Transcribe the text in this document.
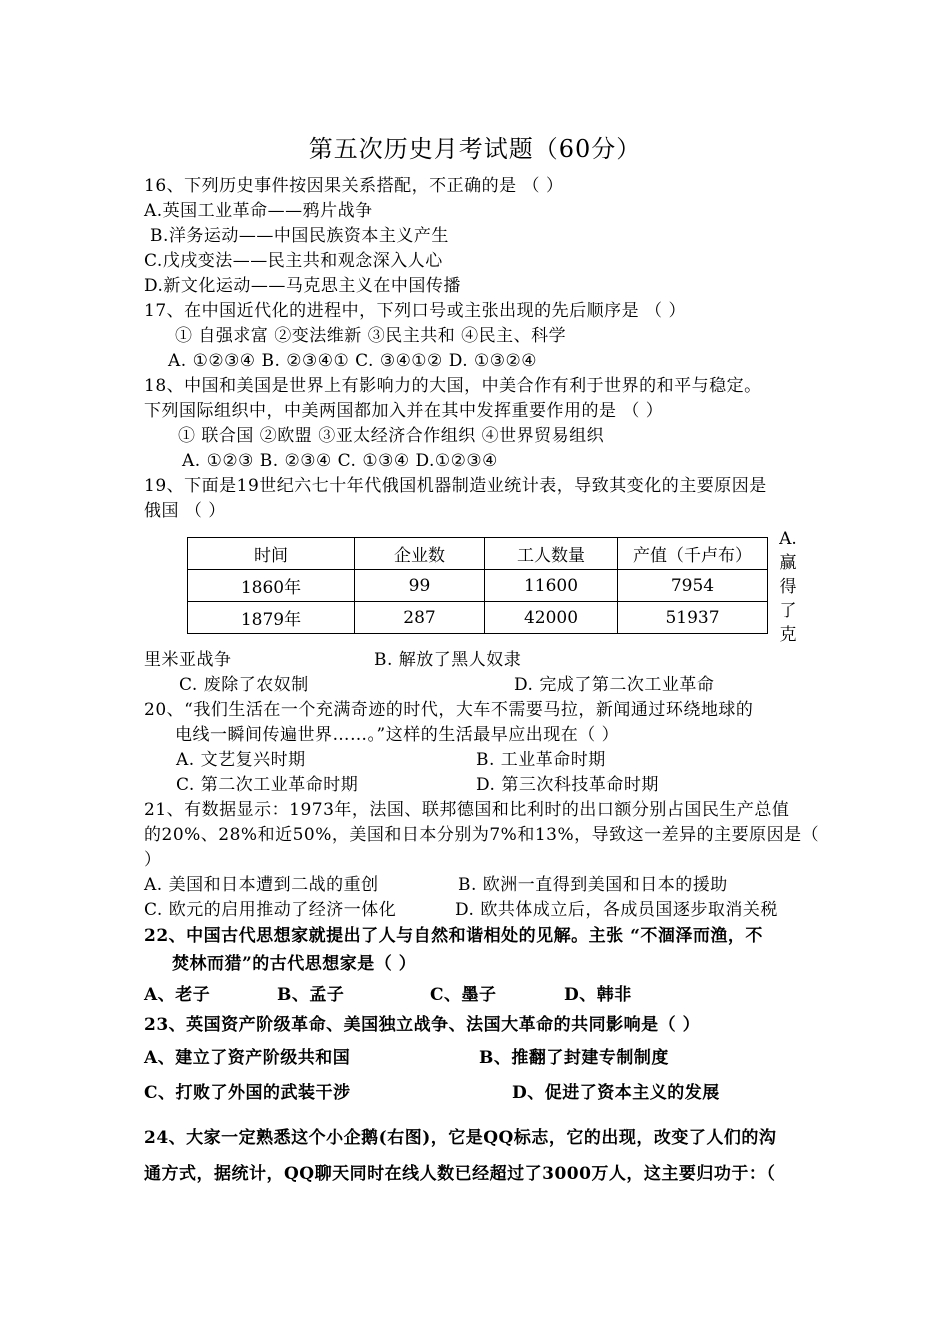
第五次历史月考试题（60分）
16、下列历史事件按因果关系搭配，不正确的是 （ ）
A.英国工业革命——鸦片战争
B.洋务运动——中国民族资本主义产生
C.戊戌变法——民主共和观念深入人心
D.新文化运动——马克思主义在中国传播
17、在中国近代化的进程中，下列口号或主张出现的先后顺序是 （ ）
① 自强求富 ②变法维新 ③民主共和 ④民主、科学
A. ①②③④ B. ②③④① C. ③④①② D. ①③②④
18、中国和美国是世界上有影响力的大国，中美合作有利于世界的和平与稳定。
下列国际组织中，中美两国都加入并在其中发挥重要作用的是 （ ）
① 联合国 ②欧盟 ③亚太经济合作组织 ④世界贸易组织
A. ①②③ B. ②③④ C. ①③④ D.①②③④
19、下面是19世纪六七十年代俄国机器制造业统计表，导致其变化的主要原因是
俄国 （ ）
时间	企业数	工人数量	产值（千卢布）
1860年	99	11600	7954
1879年	287	42000	51937
A.赢得了克
里米亚战争	B. 解放了黑人奴隶
C. 废除了农奴制	D. 完成了第二次工业革命
20、“我们生活在一个充满奇迹的时代，大车不需要马拉，新闻通过环绕地球的
电线一瞬间传遍世界……。”这样的生活最早应出现在（ ）
A. 文艺复兴时期	B. 工业革命时期
C. 第二次工业革命时期	D. 第三次科技革命时期
21、有数据显示：1973年，法国、联邦德国和比利时的出口额分别占国民生产总值
的20%、28%和近50%，美国和日本分别为7%和13%，导致这一差异的主要原因是（
）
A. 美国和日本遭到二战的重创	B. 欧洲一直得到美国和日本的援助
C. 欧元的启用推动了经济一体化	D. 欧共体成立后，各成员国逐步取消关税
22、中国古代思想家就提出了人与自然和谐相处的见解。主张 “不涸泽而渔，不
焚林而猎”的古代思想家是（ ）
A、老子	B、孟子	C、墨子	D、韩非
23、英国资产阶级革命、美国独立战争、法国大革命的共同影响是（ ）
A、建立了资产阶级共和国	B、推翻了封建专制制度
C、打败了外国的武装干涉	D、促进了资本主义的发展
24、大家一定熟悉这个小企鹅(右图)，它是QQ标志，它的出现，改变了人们的沟
通方式，据统计，QQ聊天同时在线人数已经超过了3000万人，这主要归功于：（
